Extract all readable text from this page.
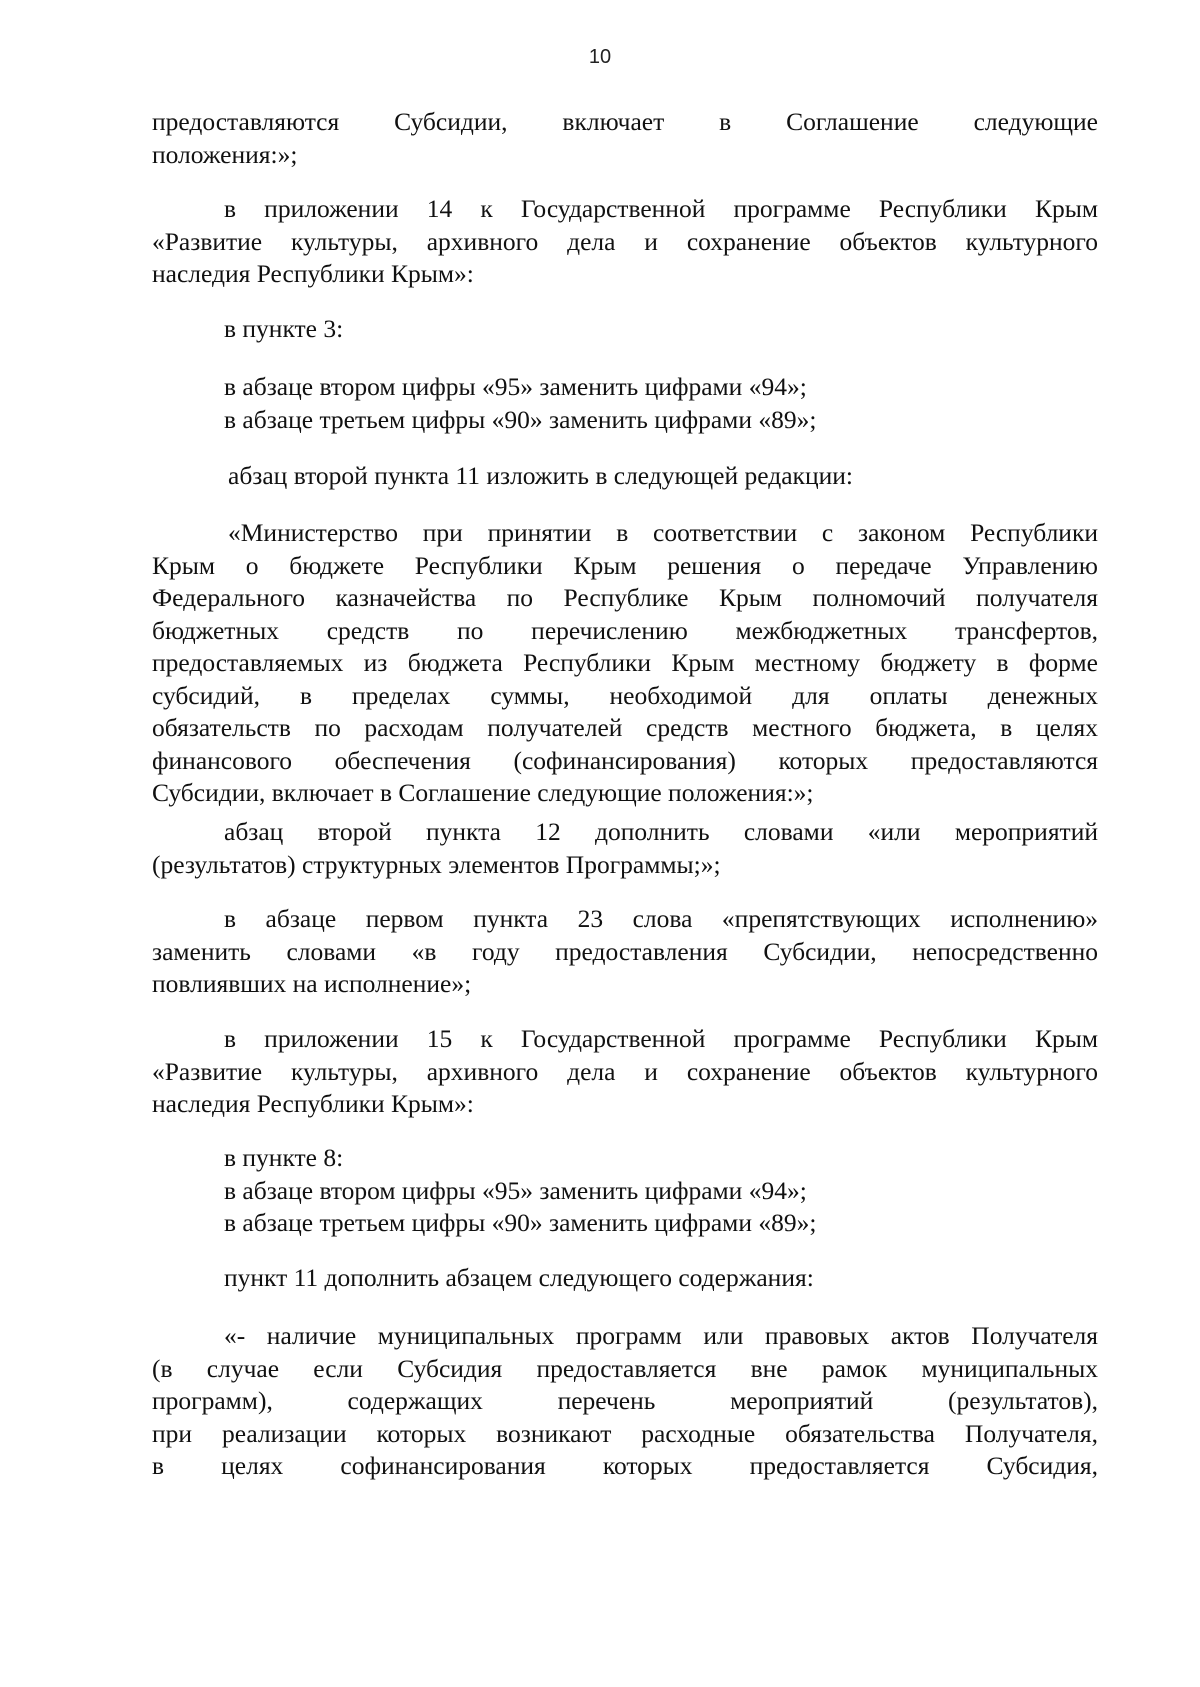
10
предоставляются Субсидии, включает в Соглашение следующие
положения:»;
в приложении 14 к Государственной программе Республики Крым
«Развитие культуры, архивного дела и сохранение объектов культурного
наследия Республики Крым»:
в пункте 3:
в абзаце втором цифры «95» заменить цифрами «94»;
в абзаце третьем цифры «90» заменить цифрами «89»;
абзац второй пункта 11 изложить в следующей редакции:
«Министерство при принятии в соответствии с законом Республики
Крым о бюджете Республики Крым решения о передаче Управлению
Федерального казначейства по Республике Крым полномочий получателя
бюджетных средств по перечислению межбюджетных трансфертов,
предоставляемых из бюджета Республики Крым местному бюджету в форме
субсидий, в пределах суммы, необходимой для оплаты денежных
обязательств по расходам получателей средств местного бюджета, в целях
финансового обеспечения (софинансирования) которых предоставляются
Субсидии, включает в Соглашение следующие положения:»;
абзац второй пункта 12 дополнить словами «или мероприятий
(результатов) структурных элементов Программы;»;
в абзаце первом пункта 23 слова «препятствующих исполнению»
заменить словами «в году предоставления Субсидии, непосредственно
повлиявших на исполнение»;
в приложении 15 к Государственной программе Республики Крым
«Развитие культуры, архивного дела и сохранение объектов культурного
наследия Республики Крым»:
в пункте 8:
в абзаце втором цифры «95» заменить цифрами «94»;
в абзаце третьем цифры «90» заменить цифрами «89»;
пункт 11 дополнить абзацем следующего содержания:
«- наличие муниципальных программ или правовых актов Получателя
(в случае если Субсидия предоставляется вне рамок муниципальных
программ), содержащих перечень мероприятий (результатов),
при реализации которых возникают расходные обязательства Получателя,
в целях софинансирования которых предоставляется Субсидия,
